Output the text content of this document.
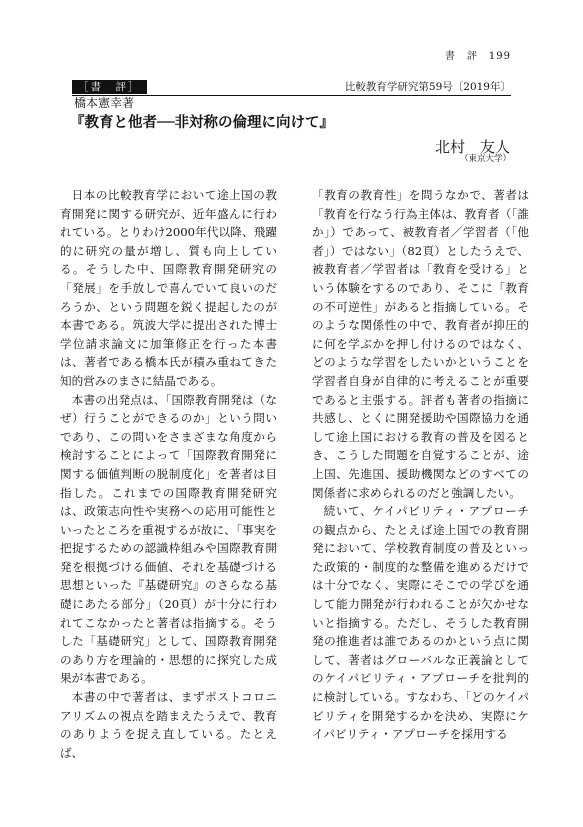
書　評　199
［書　評］	比較教育学研究第59号〔2019年〕
橋本憲幸著
『教育と他者──非対称の倫理に向けて』
北村　友人
（東京大学）

日本の比較教育学において途上国の教育開発に関する研究が、近年盛んに行われている。とりわけ2000年代以降、飛躍的に研究の量が増し、質も向上している。そうした中、国際教育開発研究の「発展」を手放しで喜んでいて良いのだろうか、という問題を鋭く提起したのが本書である。筑波大学に提出された博士学位請求論文に加筆修正を行った本書は、著者である橋本氏が積み重ねてきた知的営みのまさに結晶である。

本書の出発点は、「国際教育開発は（なぜ）行うことができるのか」という問いであり、この問いをさまざまな角度から検討することによって「国際教育開発に関する価値判断の脱制度化」を著者は目指した。これまでの国際教育開発研究は、政策志向性や実務への応用可能性といったところを重視するが故に、「事実を把捉するための認識枠組みや国際教育開発を根拠づける価値、それを基礎づける思想といった『基礎研究』のさらなる基礎にあたる部分」（20頁）が十分に行われてこなかったと著者は指摘する。そうした「基礎研究」として、国際教育開発のあり方を理論的・思想的に探究した成果が本書である。

本書の中で著者は、まずポストコロニアリズムの視点を踏まえたうえで、教育のありようを捉え直している。たとえば、

「教育の教育性」を問うなかで、著者は「教育を行なう行為主体は、教育者（「誰か」）であって、被教育者／学習者（「他者」）ではない」（82頁）としたうえで、被教育者／学習者は「教育を受ける」という体験をするのであり、そこに「教育の不可逆性」があると指摘している。そのような関係性の中で、教育者が抑圧的に何を学ぶかを押し付けるのではなく、どのような学習をしたいかということを学習者自身が自律的に考えることが重要であると主張する。評者も著者の指摘に共感し、とくに開発援助や国際協力を通して途上国における教育の普及を図るとき、こうした問題を自覚することが、途上国、先進国、援助機関などのすべての関係者に求められるのだと強調したい。

続いて、ケイパビリティ・アプローチの観点から、たとえば途上国での教育開発において、学校教育制度の普及といった政策的・制度的な整備を進めるだけでは十分でなく、実際にそこでの学びを通して能力開発が行われることが欠かせないと指摘する。ただし、そうした教育開発の推進者は誰であるのかという点に関して、著者はグローバルな正義論としてのケイパビリティ・アプローチを批判的に検討している。すなわち、「どのケイパビリティを開発するかを決め、実際にケイパビリティ・アプローチを採用する
